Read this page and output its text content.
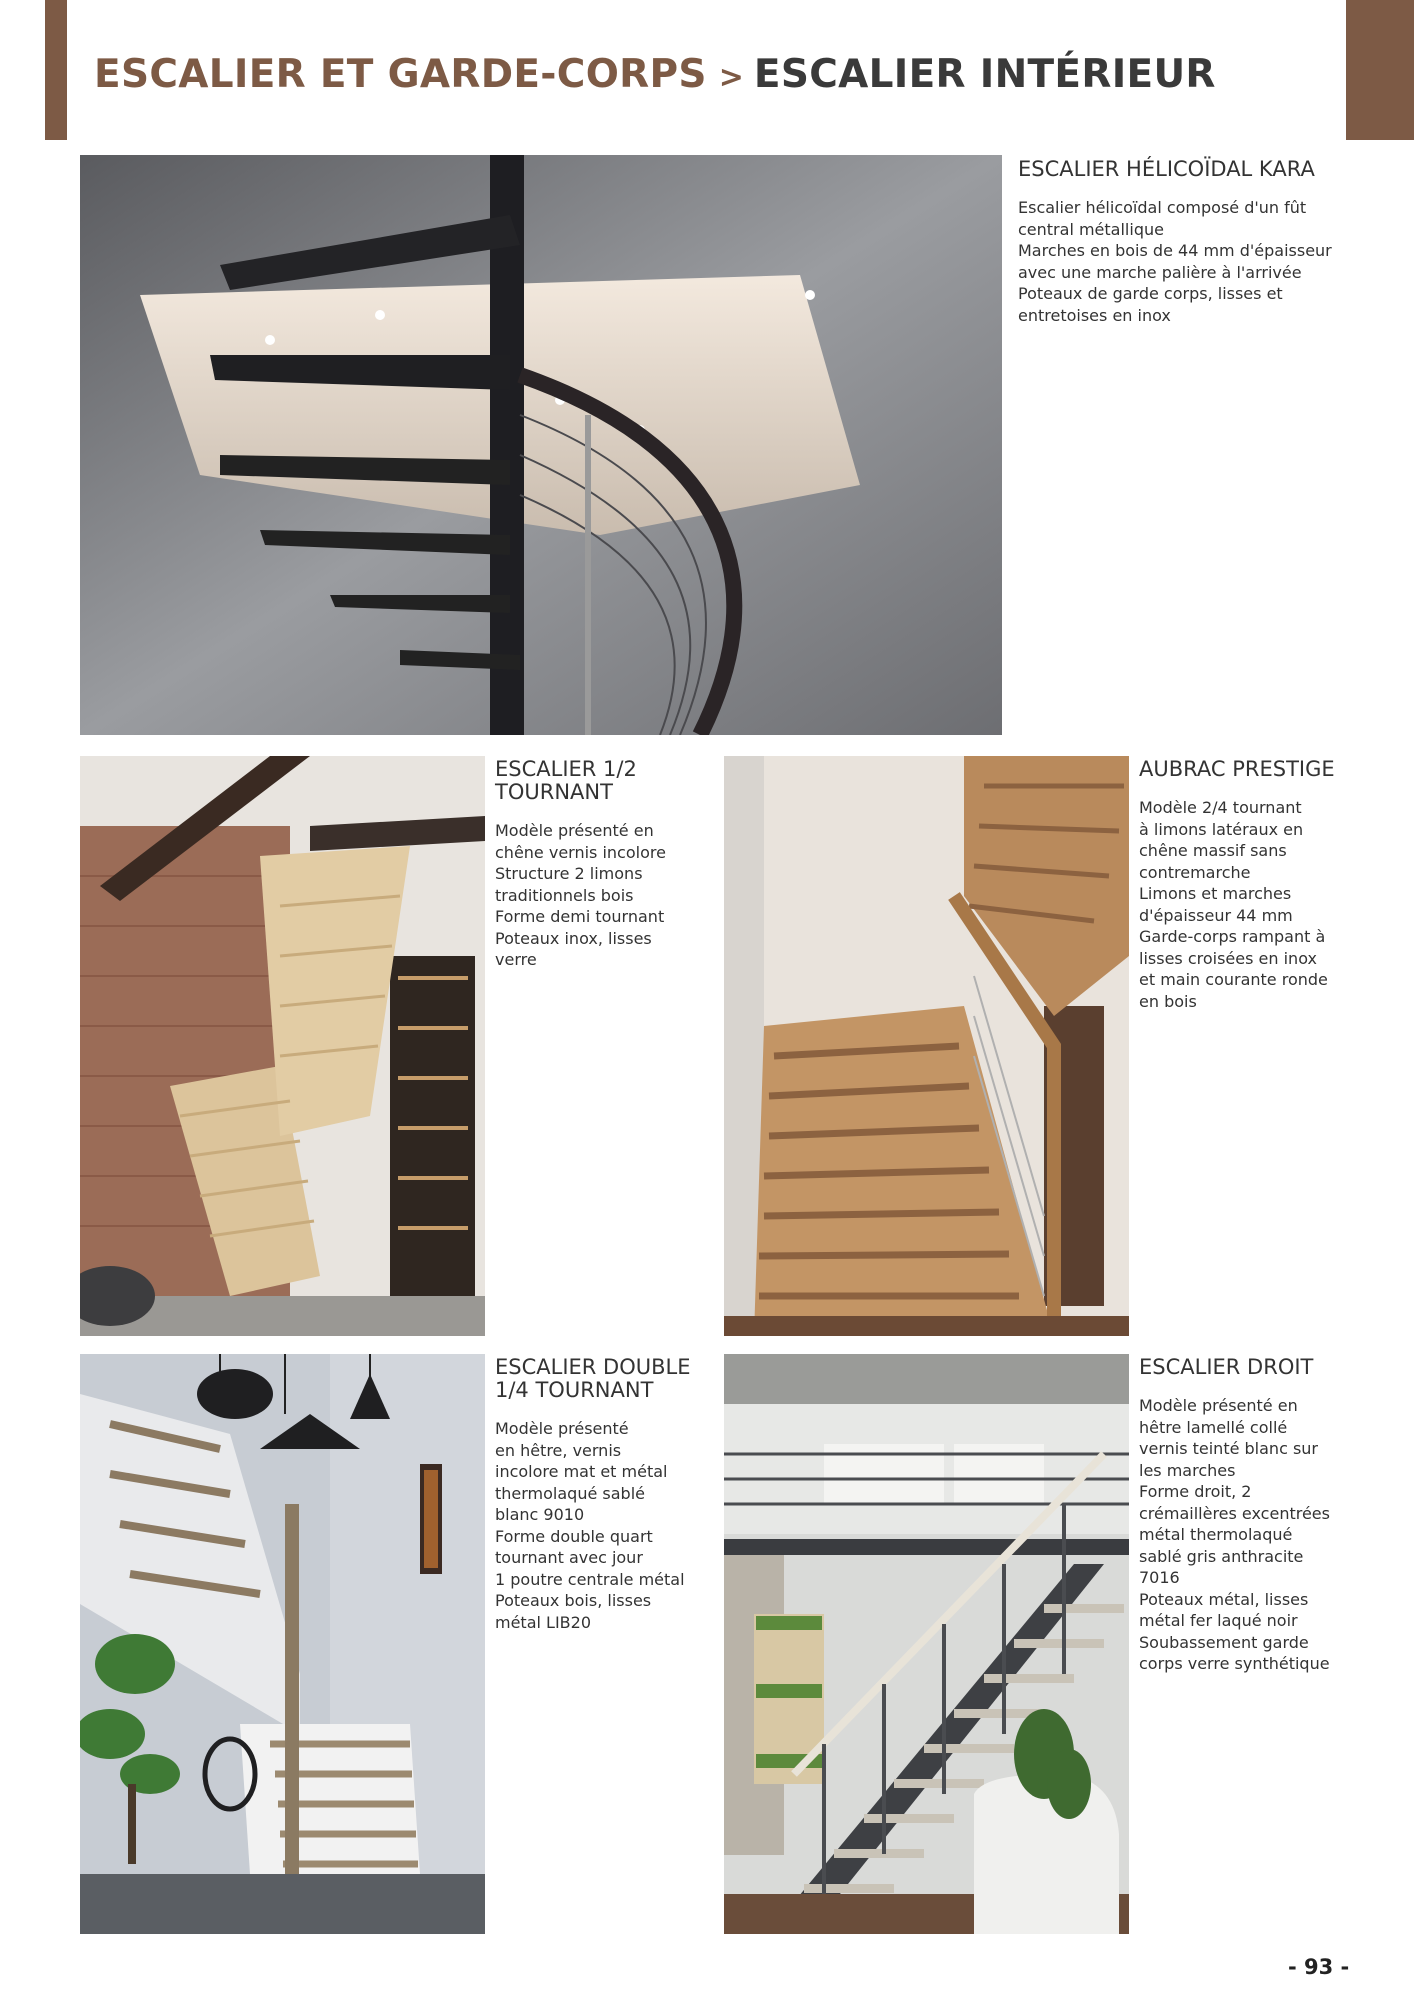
ESCALIER ET GARDE-CORPS > ESCALIER INTÉRIEUR
ESCALIER HÉLICOÏDAL KARA
Escalier hélicoïdal composé d'un fût
central métallique
Marches en bois de 44 mm d'épaisseur
avec une marche palière à l'arrivée
Poteaux de garde corps, lisses et
entretoises en inox
ESCALIER 1/2 TOURNANT
Modèle présenté en
chêne vernis incolore
Structure 2 limons
traditionnels bois
Forme demi tournant
Poteaux inox, lisses
verre
AUBRAC PRESTIGE
Modèle 2/4 tournant
à limons latéraux en
chêne massif sans
contremarche
Limons et marches
d'épaisseur 44 mm
Garde-corps rampant à
lisses croisées en inox
et main courante ronde
en bois
ESCALIER DOUBLE 1/4 TOURNANT
Modèle présenté
en hêtre, vernis
incolore mat et métal
thermolaqué sablé
blanc 9010
Forme double quart
tournant avec jour
1 poutre centrale métal
Poteaux bois, lisses
métal LIB20
ESCALIER DROIT
Modèle présenté en
hêtre lamellé collé
vernis teinté blanc sur
les marches
Forme droit, 2
crémaillères excentrées
métal thermolaqué
sablé gris anthracite
7016
Poteaux métal, lisses
métal fer laqué noir
Soubassement garde
corps verre synthétique
- 93 -
